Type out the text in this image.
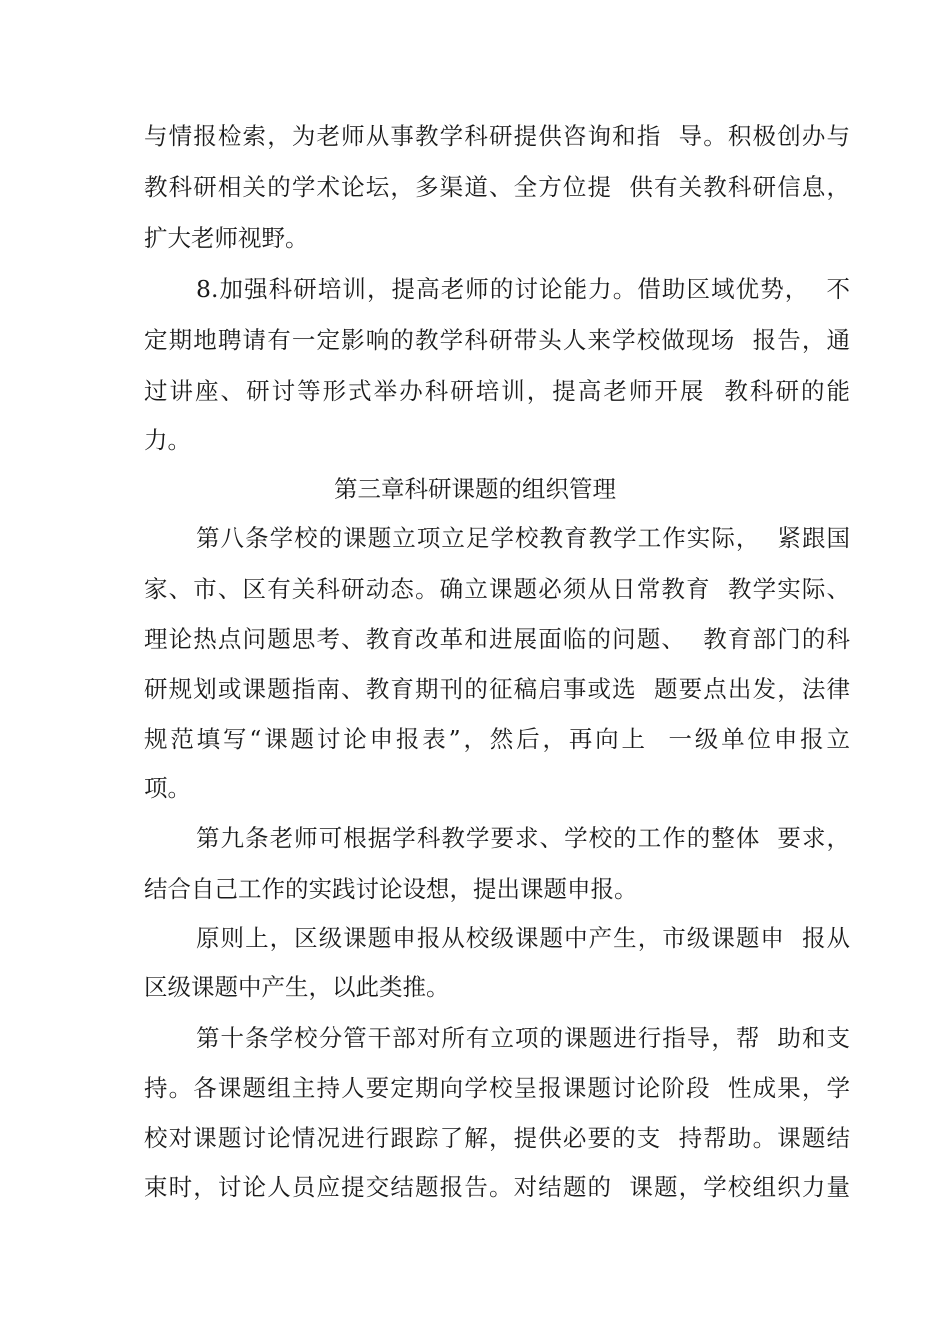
与情报检索，为老师从事教学科研提供咨询和指  导。积极创办与
教科研相关的学术论坛，多渠道、全方位提  供有关教科研信息，
扩大老师视野。
8.加强科研培训，提高老师的讨论能力。借助区域优势，  不
定期地聘请有一定影响的教学科研带头人来学校做现场  报告，通
过讲座、研讨等形式举办科研培训，提高老师开展  教科研的能
力。
第三章科研课题的组织管理
第八条学校的课题立项立足学校教育教学工作实际，  紧跟国
家、市、区有关科研动态。确立课题必须从日常教育  教学实际、
理论热点问题思考、教育改革和进展面临的问题、  教育部门的科
研规划或课题指南、教育期刊的征稿启事或选  题要点出发，法律
规范填写“课题讨论申报表”，然后，再向上  一级单位申报立
项。
第九条老师可根据学科教学要求、学校的工作的整体  要求，
结合自己工作的实践讨论设想，提出课题申报。
原则上，区级课题申报从校级课题中产生，市级课题申  报从
区级课题中产生，以此类推。
第十条学校分管干部对所有立项的课题进行指导，帮  助和支
持。各课题组主持人要定期向学校呈报课题讨论阶段  性成果，学
校对课题讨论情况进行跟踪了解，提供必要的支  持帮助。课题结
束时，讨论人员应提交结题报告。对结题的  课题，学校组织力量
